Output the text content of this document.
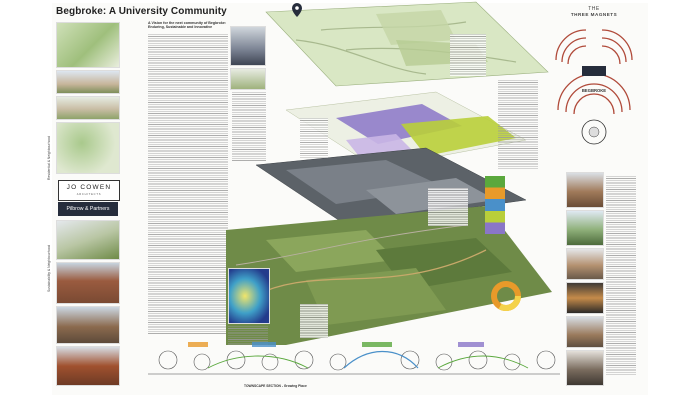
Begbroke: A University Community
A Vision for the next community of Begbroke: Enduring, Sustainable and Innovative
Residential & Neighbourhood
Sustainability & Neighbourhood
JO COWEN
ARCHITECTS
Pilbrow & Partners
THE
THREE MAGNETS
BEGBROKE
TOWNSCAPE SECTION - Growing Place
